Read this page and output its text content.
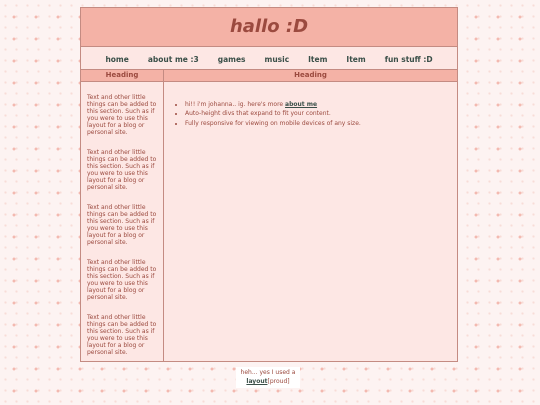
hallo :D
home	about me :3	games	music	Item	Item	fun stuff :D
Heading

Text and other little things can be added to this section. Such as if you were to use this layout for a blog or personal site.

Text and other little things can be added to this section. Such as if you were to use this layout for a blog or personal site.

Text and other little things can be added to this section. Such as if you were to use this layout for a blog or personal site.

Text and other little things can be added to this section. Such as if you were to use this layout for a blog or personal site.

Text and other little things can be added to this section. Such as if you were to use this layout for a blog or personal site.

Heading
• hi!! i'm johanna.. ig. here's more about me
• Auto-height divs that expand to fit your content.
• Fully responsive for viewing on mobile devices of any size.
heh... yes I used a
layout[proud]
